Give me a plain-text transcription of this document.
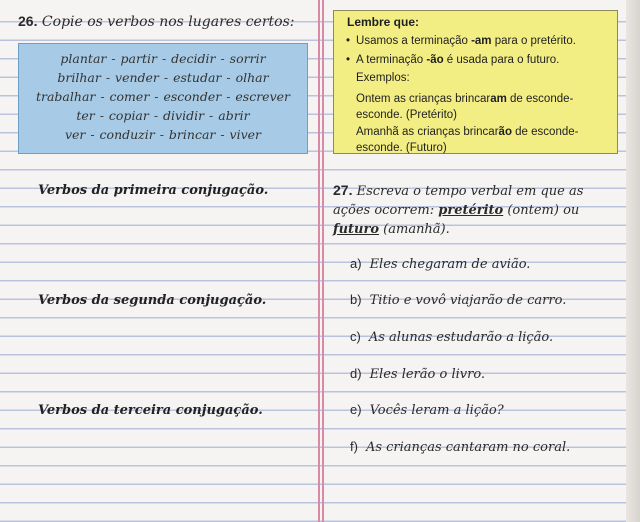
26. Copie os verbos nos lugares certos:
plantar - partir - decidir - sorrir
brilhar - vender - estudar - olhar
trabalhar - comer - esconder - escrever
ter - copiar - dividir - abrir
ver - conduzir - brincar - viver
Verbos da primeira conjugação.
Verbos da segunda conjugação.
Verbos da terceira conjugação.
Lembre que:
• Usamos a terminação -am para o pretérito.
• A terminação -ão é usada para o futuro.
Exemplos:
Ontem as crianças brincaram de esconde-esconde. (Pretérito)
Amanhã as crianças brincarão de esconde-esconde. (Futuro)
27. Escreva o tempo verbal em que as ações ocorrem: pretérito (ontem) ou futuro (amanhã).
a) Eles chegaram de avião.
b) Titio e vovô viajarão de carro.
c) As alunas estudarão a lição.
d) Eles lerão o livro.
e) Vocês leram a lição?
f) As crianças cantaram no coral.
